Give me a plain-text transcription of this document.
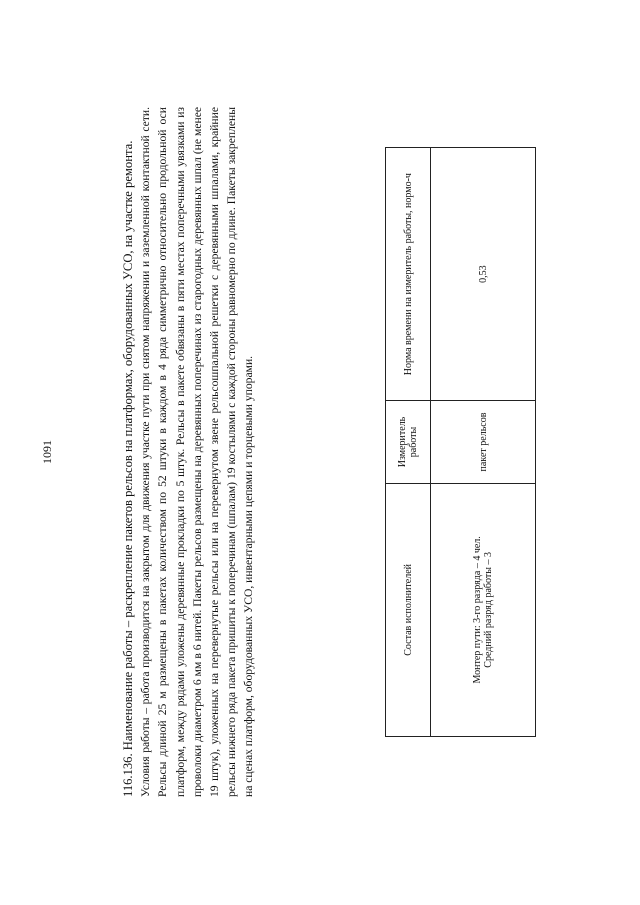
1091	116.136. Наименование работы – раскрепление пакетов рельсов на платформах, оборудованных УСО, на участке ремонта. Условия работы – работа производится на закрытом для движения участке пути при снятом напряжении и заземленной контактной сети. Рельсы длиной 25 м размещены в пакетах количеством по 52 штуки в каждом в 4 ряда симметрично относительно продольной оси платформ, между рядами уложены деревянные прокладки по 5 штук. Рельсы в пакете обвязаны в пяти местах поперечными увязками из проволоки диаметром 6 мм в 6 нитей. Пакеты рельсов размещены на деревянных поперечинах из старогодных деревянных шпал (не менее 19 штук), уложенных на перевернутые рельсы или на перевернутом звене рельсошпальной решетки с деревянными шпалами, крайние рельсы нижнего ряда пакета пришиты к поперечинам (шпалам) 19 костылями с каждой стороны равномерно по длине. Пакеты закреплены на сценах платформ, оборудованных УСО, инвентарными цепями и торцевыми упорами.	Состав исполнителей	Измеритель работы	Норма времени на измеритель работы, нормо-ч

Монтер пути: 3-го разряда – 4 чел. Средний разряд работы – 3	пакет рельсов	0,53
